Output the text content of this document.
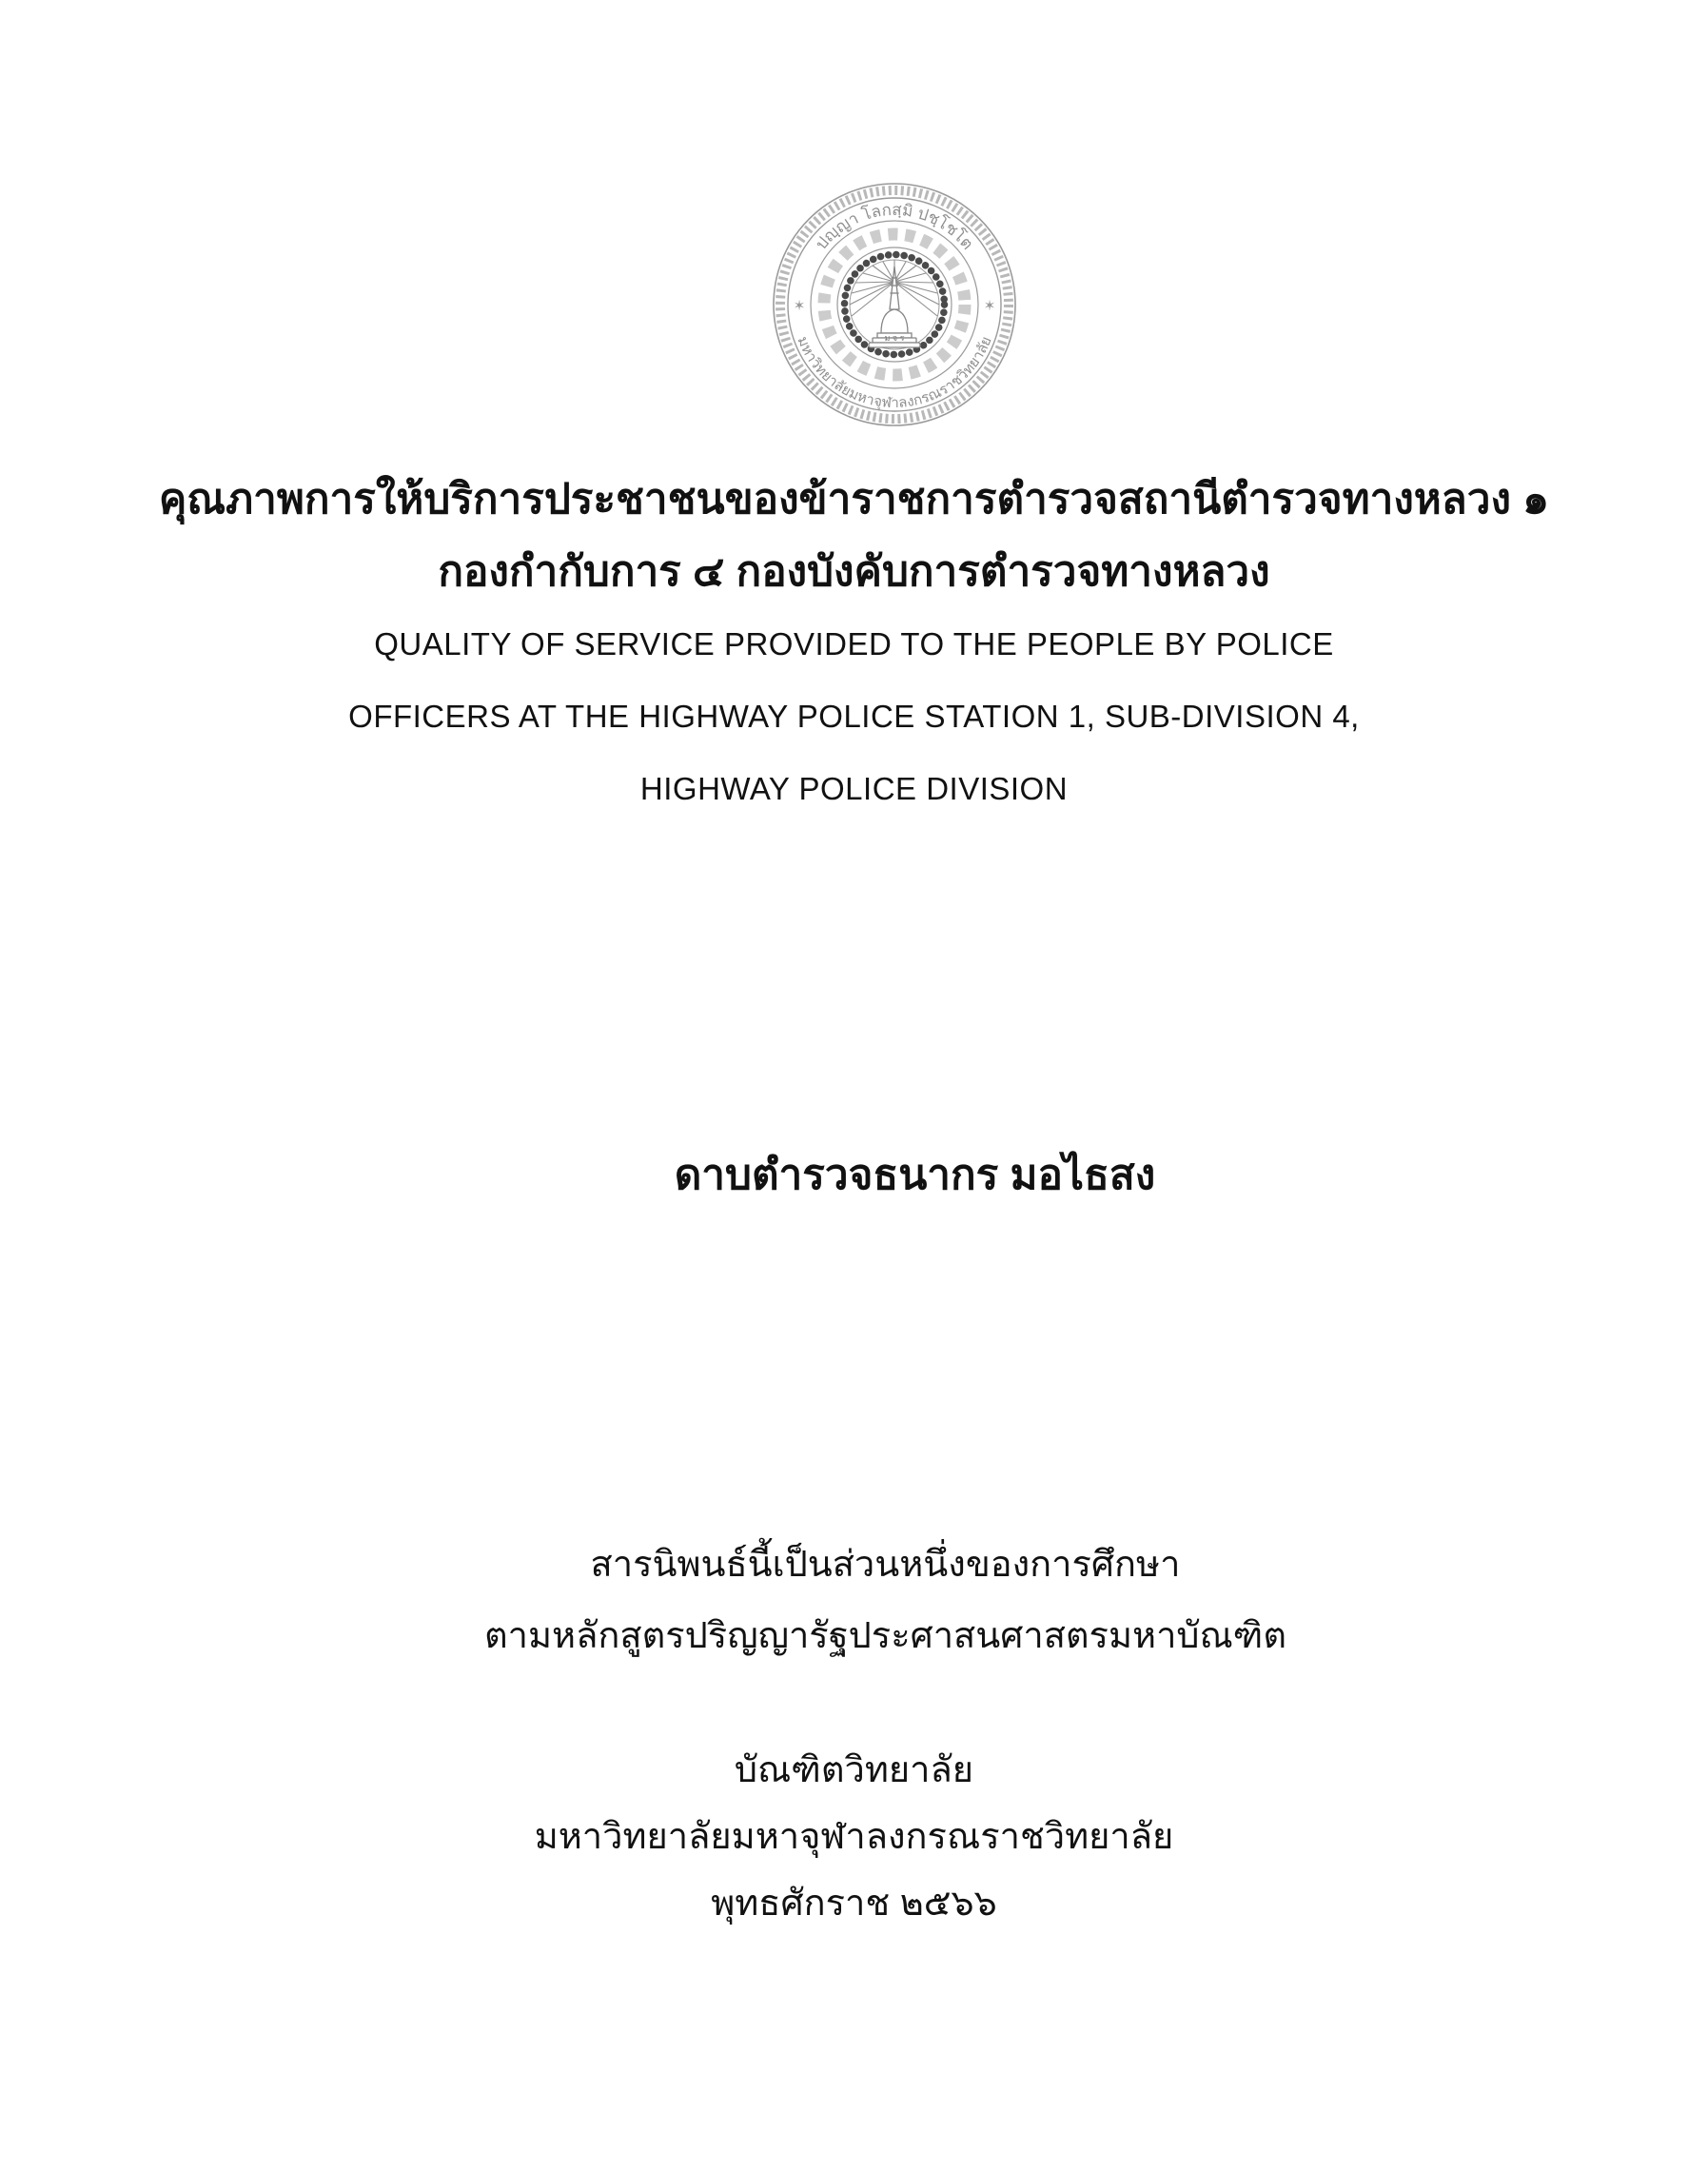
ปญฺญา โลกสฺมิ ปชฺโชโต
มหาวิทยาลัยมหาจุฬาลงกรณราชวิทยาลัย
✶	✶
ม จ ร
คุณภาพการให้บริการประชาชนของข้าราชการตำรวจสถานีตำรวจทางหลวง ๑
กองกำกับการ ๔ กองบังคับการตำรวจทางหลวง
QUALITY OF SERVICE PROVIDED TO THE PEOPLE BY POLICE
OFFICERS AT THE HIGHWAY POLICE STATION 1, SUB-DIVISION 4,
HIGHWAY POLICE DIVISION
ดาบตำรวจธนากร มอไธสง
สารนิพนธ์นี้เป็นส่วนหนึ่งของการศึกษา
ตามหลักสูตรปริญญารัฐประศาสนศาสตรมหาบัณฑิต
บัณฑิตวิทยาลัย
มหาวิทยาลัยมหาจุฬาลงกรณราชวิทยาลัย
พุทธศักราช ๒๕๖๖
